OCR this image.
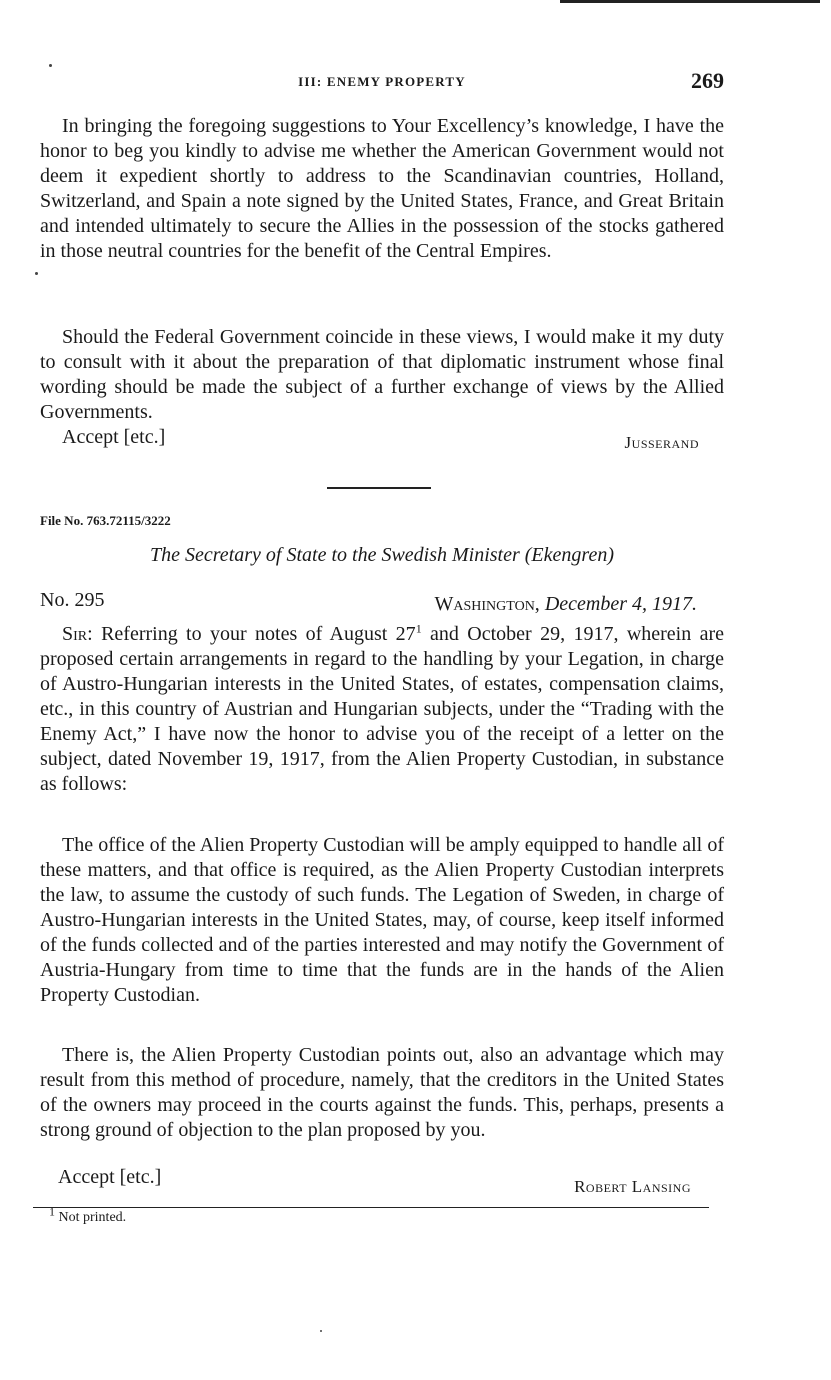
III: ENEMY PROPERTY	269

In bringing the foregoing suggestions to Your Excellency’s knowledge, I have the honor to beg you kindly to advise me whether the American Government would not deem it expedient shortly to address to the Scandinavian countries, Holland, Switzerland, and Spain a note signed by the United States, France, and Great Britain and intended ultimately to secure the Allies in the possession of the stocks gathered in those neutral countries for the benefit of the Central Empires.

Should the Federal Government coincide in these views, I would make it my duty to consult with it about the preparation of that diplomatic instrument whose final wording should be made the subject of a further exchange of views by the Allied Governments.

Accept [etc.]	Jusserand
File No. 763.72115/3222
The Secretary of State to the Swedish Minister (Ekengren)
No. 295	Washington, December 4, 1917.

Sir: Referring to your notes of August $27^1$ and October 29, 1917, wherein are proposed certain arrangements in regard to the handling by your Legation, in charge of Austro-Hungarian interests in the United States, of estates, compensation claims, etc., in this country of Austrian and Hungarian subjects, under the “Trading with the Enemy Act,” I have now the honor to advise you of the receipt of a letter on the subject, dated November 19, 1917, from the Alien Property Custodian, in substance as follows:

The office of the Alien Property Custodian will be amply equipped to handle all of these matters, and that office is required, as the Alien Property Custodian interprets the law, to assume the custody of such funds. The Legation of Sweden, in charge of Austro-Hungarian interests in the United States, may, of course, keep itself informed of the funds collected and of the parties interested and may notify the Government of Austria-Hungary from time to time that the funds are in the hands of the Alien Property Custodian.

There is, the Alien Property Custodian points out, also an advantage which may result from this method of procedure, namely, that the creditors in the United States of the owners may proceed in the courts against the funds. This, perhaps, presents a strong ground of objection to the plan proposed by you.

Accept [etc.]	Robert Lansing
$^1$ Not printed.
